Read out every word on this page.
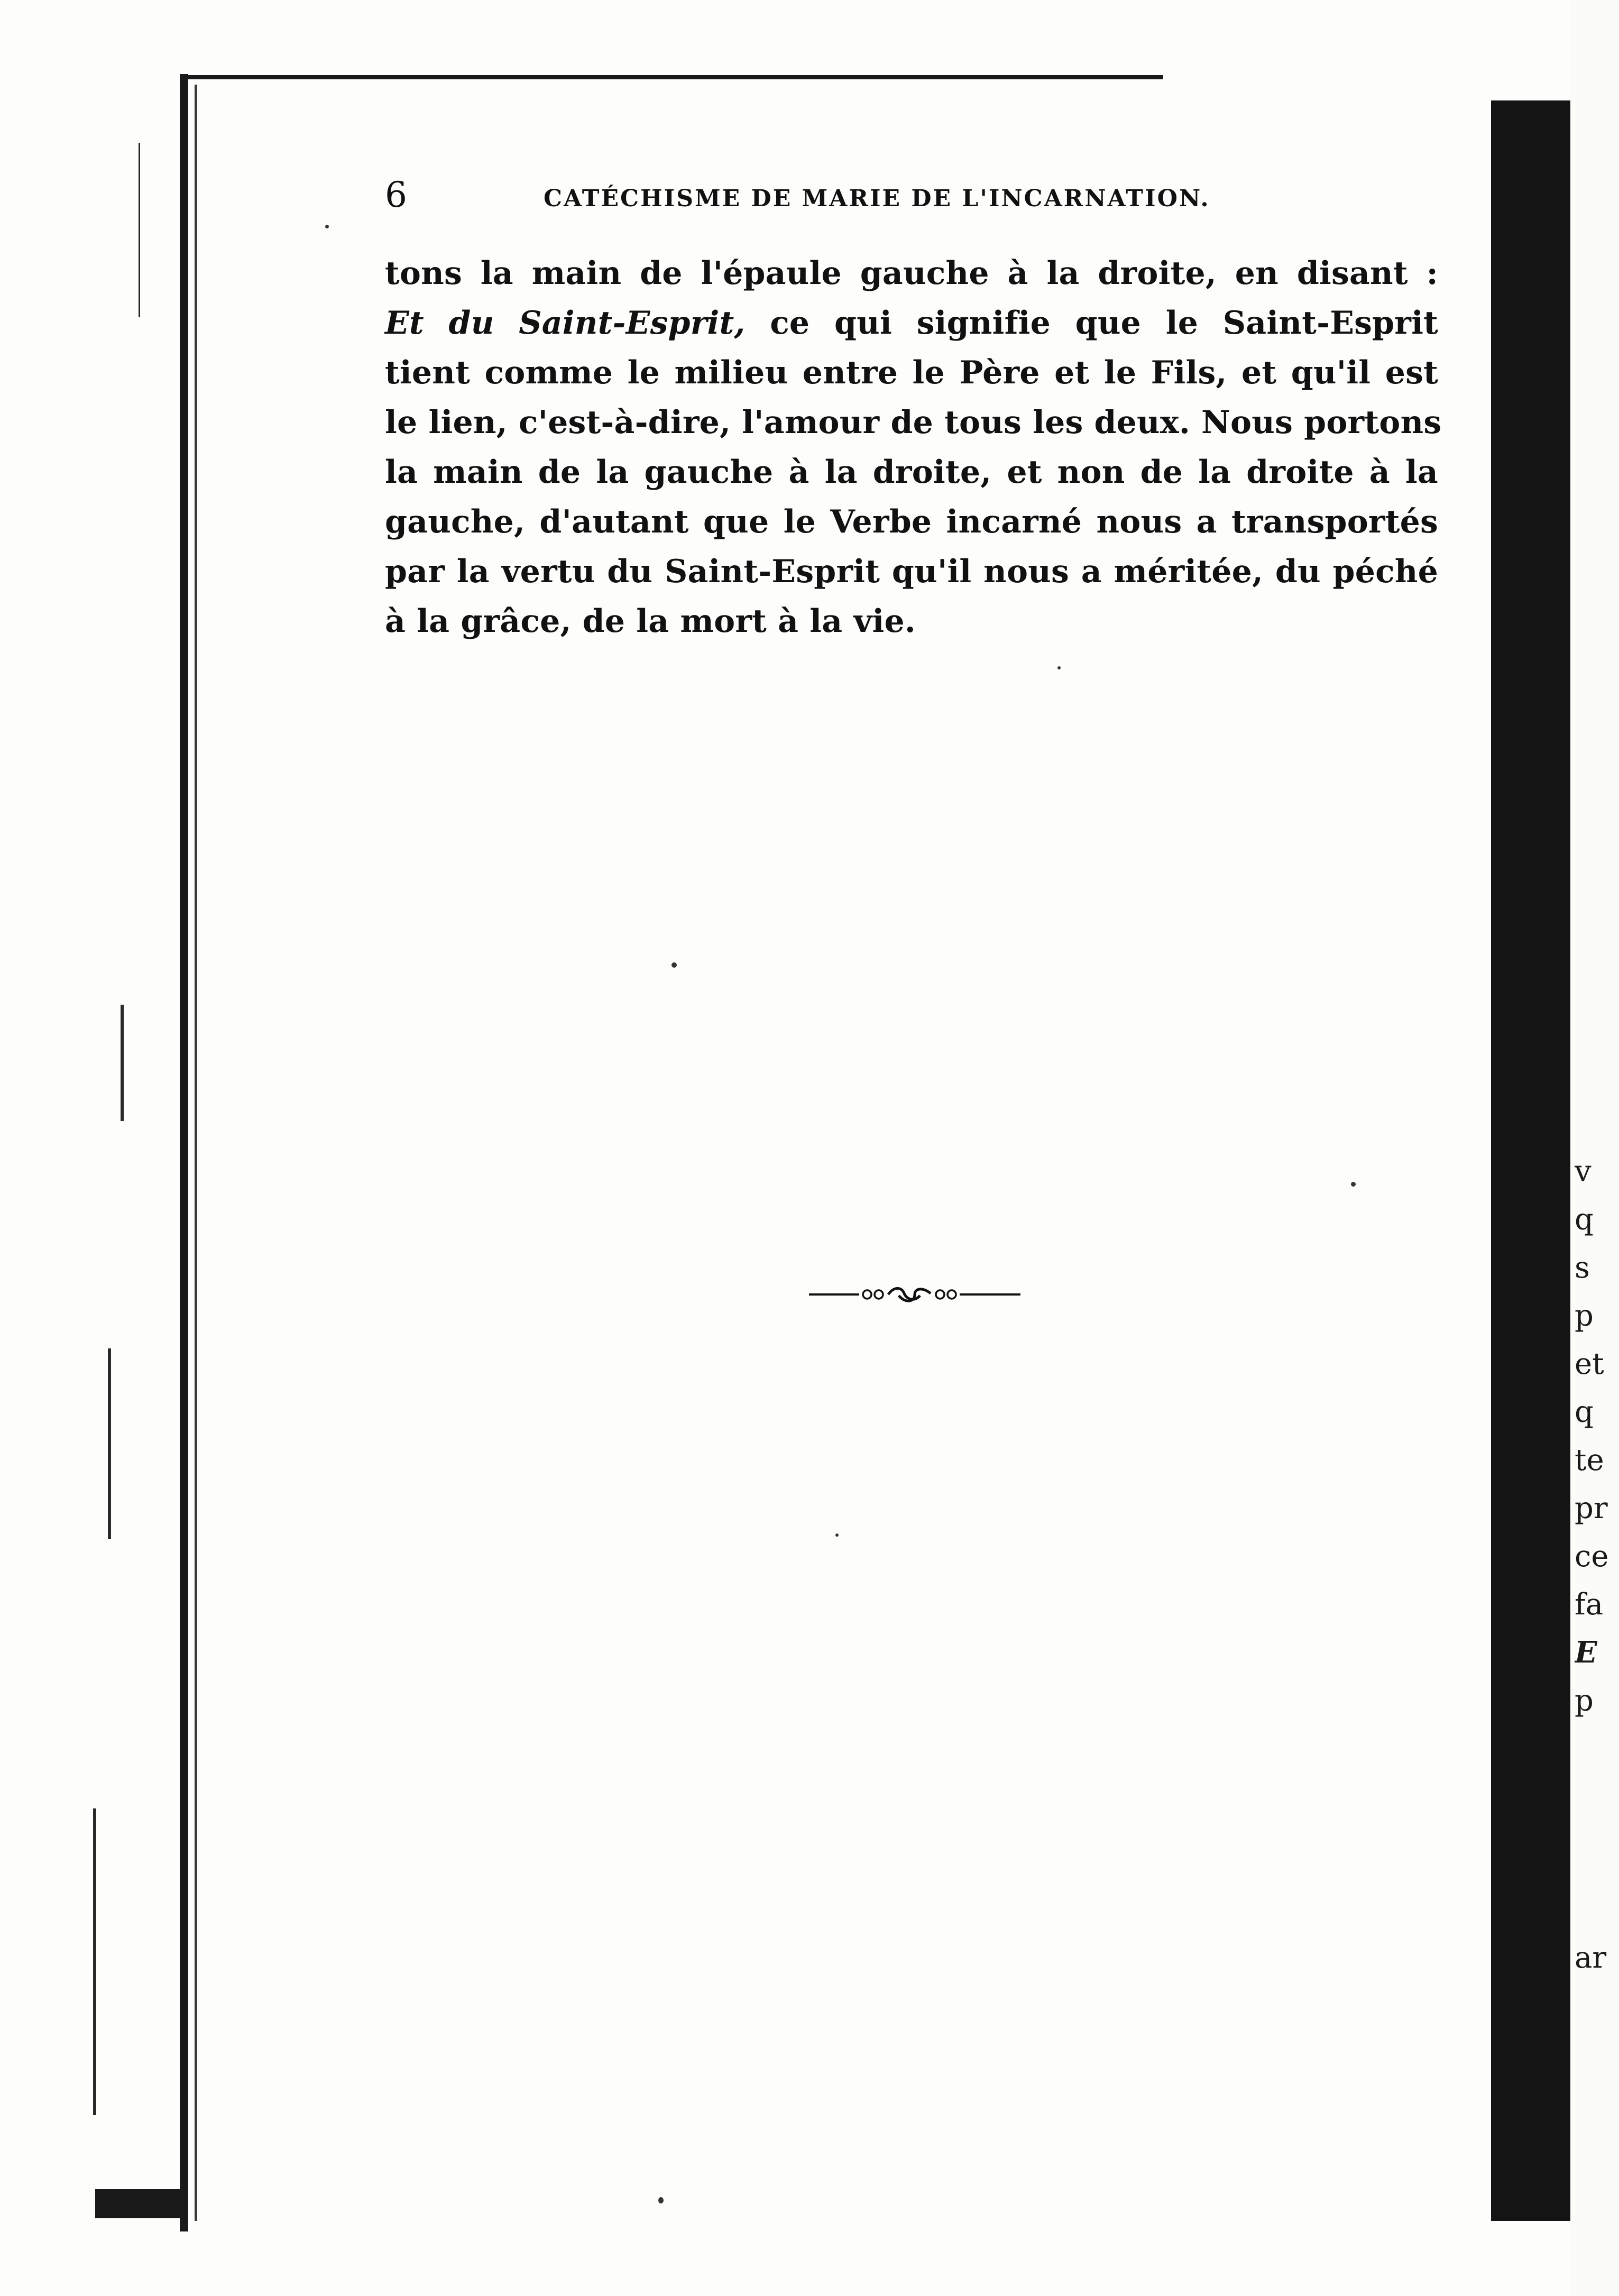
6	CATÉCHISME DE MARIE DE L'INCARNATION.
tons la main de l'épaule gauche à la droite, en disant :
Et du Saint-Esprit, ce qui signifie que le Saint-Esprit
tient comme le milieu entre le Père et le Fils, et qu'il est
le lien, c'est-à-dire, l'amour de tous les deux. Nous portons
la main de la gauche à la droite, et non de la droite à la
gauche, d'autant que le Verbe incarné nous a transportés
par la vertu du Saint-Esprit qu'il nous a méritée, du péché
à la grâce, de la mort à la vie.
v
q
s
p
et
q
te
pr
ce
fa
E
p
ar
